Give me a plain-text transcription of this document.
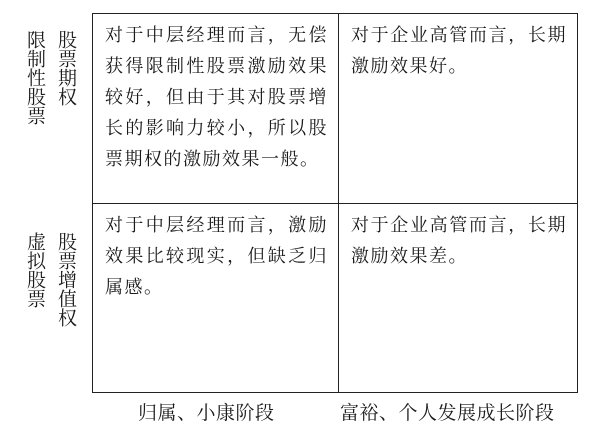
限制性股票 股票期权
虚拟股票 股票增值权
对于中层经理而言，无偿获得限制性股票激励效果较好，但由于其对股票增长的影响力较小，所以股票期权的激励效果一般。
对于企业高管而言，长期激励效果好。
对于中层经理而言，激励效果比较现实，但缺乏归属感。
对于企业高管而言，长期激励效果差。
归属、小康阶段	富裕、个人发展成长阶段
